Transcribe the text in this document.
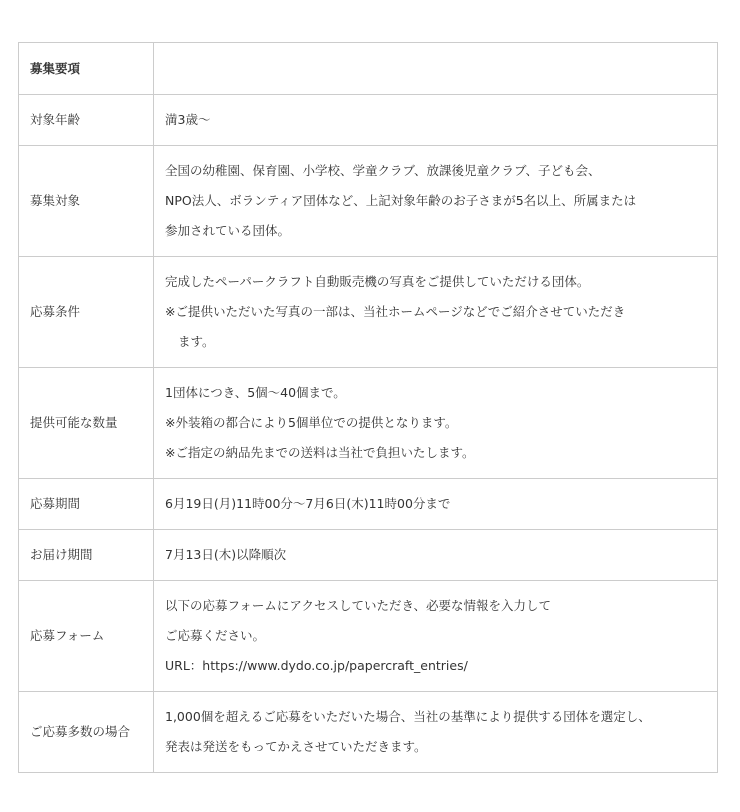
募集要項	
対象年齢	満3歳～

募集対象	全国の幼稚園、保育園、小学校、学童クラブ、放課後児童クラブ、子ども会、
NPO法人、ボランティア団体など、上記対象年齢のお子さまが5名以上、所属または
参加されている団体。

応募条件	完成したペーパークラフト自動販売機の写真をご提供していただける団体。
※ご提供いただいた写真の一部は、当社ホームページなどでご紹介させていただき
ます。

提供可能な数量	1団体につき、5個～40個まで。
※外装箱の都合により5個単位での提供となります。
※ご指定の納品先までの送料は当社で負担いたします。

応募期間	6月19日(月)11時00分～7月6日(木)11時00分まで

お届け期間	7月13日(木)以降順次

応募フォーム	以下の応募フォームにアクセスしていただき、必要な情報を入力して
ご応募ください。
URL：https://www.dydo.co.jp/papercraft_entries/

ご応募多数の場合	1,000個を超えるご応募をいただいた場合、当社の基準により提供する団体を選定し、
発表は発送をもってかえさせていただきます。
